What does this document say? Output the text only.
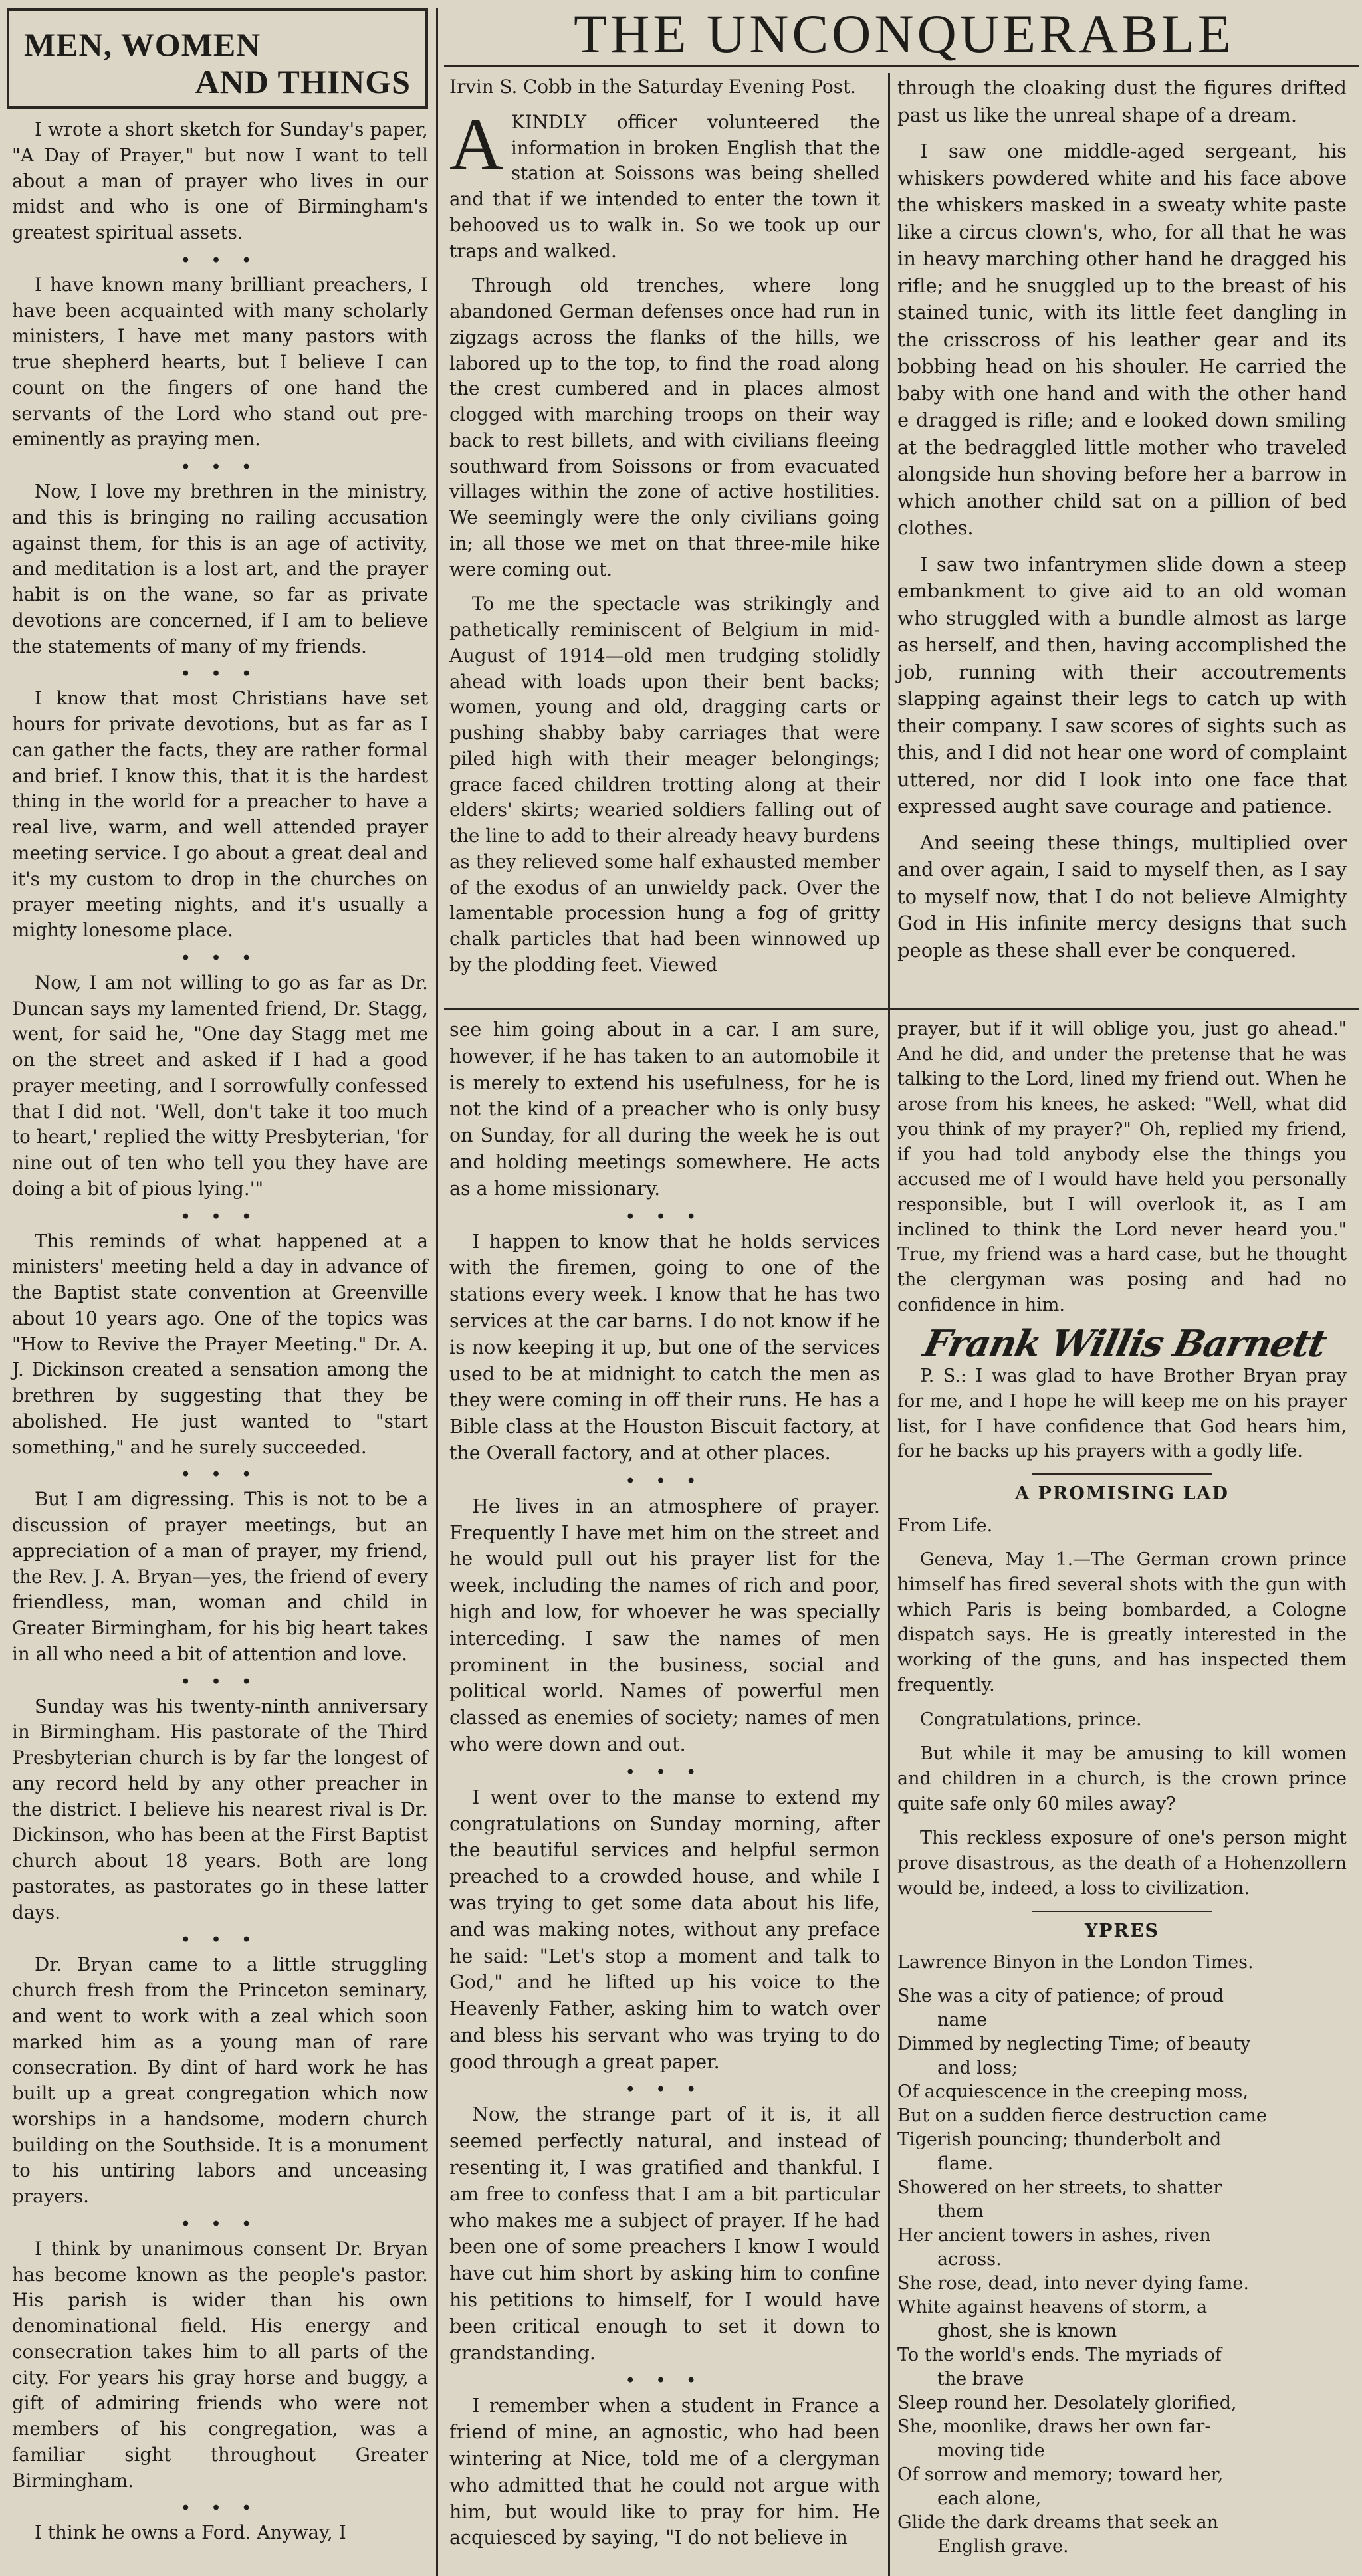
MEN, WOMEN
AND THINGS
THE UNCONQUERABLE

I wrote a short sketch for Sunday's paper, "A Day of Prayer," but now I want to tell about a man of prayer who lives in our midst and who is one of Birmingham's greatest spiritual assets.

• • •

I have known many brilliant preachers, I have been acquainted with many scholarly ministers, I have met many pastors with true shepherd hearts, but I believe I can count on the fingers of one hand the servants of the Lord who stand out pre-eminently as praying men.

• • •

Now, I love my brethren in the ministry, and this is bringing no railing accusation against them, for this is an age of activity, and meditation is a lost art, and the prayer habit is on the wane, so far as private devotions are concerned, if I am to believe the statements of many of my friends.

• • •

I know that most Christians have set hours for private devotions, but as far as I can gather the facts, they are rather formal and brief. I know this, that it is the hardest thing in the world for a preacher to have a real live, warm, and well attended prayer meeting service. I go about a great deal and it's my custom to drop in the churches on prayer meeting nights, and it's usually a mighty lonesome place.

• • •

Now, I am not willing to go as far as Dr. Duncan says my lamented friend, Dr. Stagg, went, for said he, "One day Stagg met me on the street and asked if I had a good prayer meeting, and I sorrowfully confessed that I did not. 'Well, don't take it too much to heart,' replied the witty Presbyterian, 'for nine out of ten who tell you they have are doing a bit of pious lying.'"

• • •

This reminds of what happened at a ministers' meeting held a day in advance of the Baptist state convention at Greenville about 10 years ago. One of the topics was "How to Revive the Prayer Meeting." Dr. A. J. Dickinson created a sensation among the brethren by suggesting that they be abolished. He just wanted to "start something," and he surely succeeded.

• • •

But I am digressing. This is not to be a discussion of prayer meetings, but an appreciation of a man of prayer, my friend, the Rev. J. A. Bryan—yes, the friend of every friendless, man, woman and child in Greater Birmingham, for his big heart takes in all who need a bit of attention and love.

• • •

Sunday was his twenty-ninth anniversary in Birmingham. His pastorate of the Third Presbyterian church is by far the longest of any record held by any other preacher in the district. I believe his nearest rival is Dr. Dickinson, who has been at the First Baptist church about 18 years. Both are long pastorates, as pastorates go in these latter days.

• • •

Dr. Bryan came to a little struggling church fresh from the Princeton seminary, and went to work with a zeal which soon marked him as a young man of rare consecration. By dint of hard work he has built up a great congregation which now worships in a handsome, modern church building on the Southside. It is a monument to his untiring labors and unceasing prayers.

• • •

I think by unanimous consent Dr. Bryan has become known as the people's pastor. His parish is wider than his own denominational field. His energy and consecration takes him to all parts of the city. For years his gray horse and buggy, a gift of admiring friends who were not members of his congregation, was a familiar sight throughout Greater Birmingham.

• • •

I think he owns a Ford. Anyway, I

Irvin S. Cobb in the Saturday Evening Post.

AKINDLY officer volunteered the information in broken English that the station at Soissons was being shelled and that if we intended to enter the town it behooved us to walk in. So we took up our traps and walked.

Through old trenches, where long abandoned German defenses once had run in zigzags across the flanks of the hills, we labored up to the top, to find the road along the crest cumbered and in places almost clogged with marching troops on their way back to rest billets, and with civilians fleeing southward from Soissons or from evacuated villages within the zone of active hostilities. We seemingly were the only civilians going in; all those we met on that three-mile hike were coming out.

To me the spectacle was strikingly and pathetically reminiscent of Belgium in mid-August of 1914—old men trudging stolidly ahead with loads upon their bent backs; women, young and old, dragging carts or pushing shabby baby carriages that were piled high with their meager belongings; grace faced children trotting along at their elders' skirts; wearied soldiers falling out of the line to add to their already heavy burdens as they relieved some half exhausted member of the exodus of an unwieldy pack. Over the lamentable procession hung a fog of gritty chalk particles that had been winnowed up by the plodding feet. Viewed

through the cloaking dust the figures drifted past us like the unreal shape of a dream.

I saw one middle-aged sergeant, his whiskers powdered white and his face above the whiskers masked in a sweaty white paste like a circus clown's, who, for all that he was in heavy marching other hand he dragged his rifle; and he snuggled up to the breast of his stained tunic, with its little feet dangling in the crisscross of his leather gear and its bobbing head on his shouler. He carried the baby with one hand and with the other hand e dragged is rifle; and e looked down smiling at the bedraggled little mother who traveled alongside hun shoving before her a barrow in which another child sat on a pillion of bed clothes.

I saw two infantrymen slide down a steep embankment to give aid to an old woman who struggled with a bundle almost as large as herself, and then, having accomplished the job, running with their accoutrements slapping against their legs to catch up with their company. I saw scores of sights such as this, and I did not hear one word of complaint uttered, nor did I look into one face that expressed aught save courage and patience.

And seeing these things, multiplied over and over again, I said to myself then, as I say to myself now, that I do not believe Almighty God in His infinite mercy designs that such people as these shall ever be conquered.

see him going about in a car. I am sure, however, if he has taken to an automobile it is merely to extend his usefulness, for he is not the kind of a preacher who is only busy on Sunday, for all during the week he is out and holding meetings somewhere. He acts as a home missionary.

• • •

I happen to know that he holds services with the firemen, going to one of the stations every week. I know that he has two services at the car barns. I do not know if he is now keeping it up, but one of the services used to be at midnight to catch the men as they were coming in off their runs. He has a Bible class at the Houston Biscuit factory, at the Overall factory, and at other places.

• • •

He lives in an atmosphere of prayer. Frequently I have met him on the street and he would pull out his prayer list for the week, including the names of rich and poor, high and low, for whoever he was specially interceding. I saw the names of men prominent in the business, social and political world. Names of powerful men classed as enemies of society; names of men who were down and out.

• • •

I went over to the manse to extend my congratulations on Sunday morning, after the beautiful services and helpful sermon preached to a crowded house, and while I was trying to get some data about his life, and was making notes, without any preface he said: "Let's stop a moment and talk to God," and he lifted up his voice to the Heavenly Father, asking him to watch over and bless his servant who was trying to do good through a great paper.

• • •

Now, the strange part of it is, it all seemed perfectly natural, and instead of resenting it, I was gratified and thankful. I am free to confess that I am a bit particular who makes me a subject of prayer. If he had been one of some preachers I know I would have cut him short by asking him to confine his petitions to himself, for I would have been critical enough to set it down to grandstanding.

• • •

I remember when a student in France a friend of mine, an agnostic, who had been wintering at Nice, told me of a clergyman who admitted that he could not argue with him, but would like to pray for him. He acquiesced by saying, "I do not believe in

prayer, but if it will oblige you, just go ahead." And he did, and under the pretense that he was talking to the Lord, lined my friend out. When he arose from his knees, he asked: "Well, what did you think of my prayer?" Oh, replied my friend, if you had told anybody else the things you accused me of I would have held you personally responsible, but I will overlook it, as I am inclined to think the Lord never heard you." True, my friend was a hard case, but he thought the clergyman was posing and had no confidence in him.

Frank Willis Barnett

P. S.: I was glad to have Brother Bryan pray for me, and I hope he will keep me on his prayer list, for I have confidence that God hears him, for he backs up his prayers with a godly life.

A PROMISING LAD

From Life.

Geneva, May 1.—The German crown prince himself has fired several shots with the gun with which Paris is being bombarded, a Cologne dispatch says. He is greatly interested in the working of the guns, and has inspected them frequently.

Congratulations, prince.

But while it may be amusing to kill women and children in a church, is the crown prince quite safe only 60 miles away?

This reckless exposure of one's person might prove disastrous, as the death of a Hohenzollern would be, indeed, a loss to civilization.

YPRES

Lawrence Binyon in the London Times.

She was a city of patience; of proud

name

Dimmed by neglecting Time; of beauty

and loss;

Of acquiescence in the creeping moss,

But on a sudden fierce destruction came

Tigerish pouncing; thunderbolt and

flame.

Showered on her streets, to shatter

them

Her ancient towers in ashes, riven

across.

She rose, dead, into never dying fame.

White against heavens of storm, a

ghost, she is known

To the world's ends. The myriads of

the brave

Sleep round her. Desolately glorified,

She, moonlike, draws her own far-

moving tide

Of sorrow and memory; toward her,

each alone,

Glide the dark dreams that seek an

English grave.
